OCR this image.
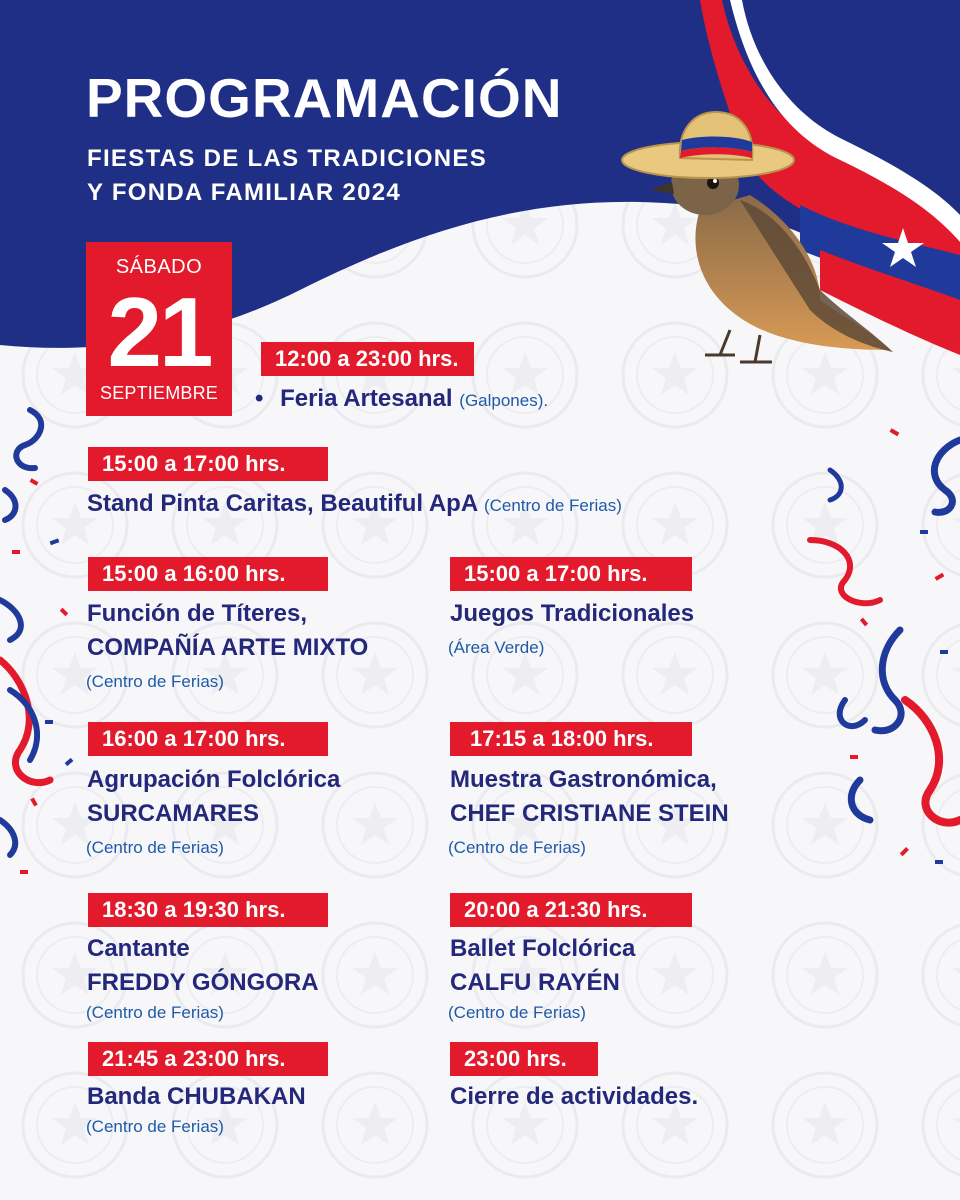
PROGRAMACIÓN
FIESTAS DE LAS TRADICIONES
Y FONDA FAMILIAR 2024
SÁBADO
21
SEPTIEMBRE
12:00 a 23:00 hrs.
• Feria Artesanal (Galpones).
15:00 a 17:00 hrs.
Stand Pinta Caritas, Beautiful ApA (Centro de Ferias)
15:00 a 16:00 hrs.
Función de Títeres,
COMPAÑÍA ARTE MIXTO
(Centro de Ferias)
15:00 a 17:00 hrs.
Juegos Tradicionales
(Área Verde)
16:00 a 17:00 hrs.
Agrupación Folclórica
SURCAMARES
(Centro de Ferias)
17:15 a 18:00 hrs.
Muestra Gastronómica,
CHEF CRISTIANE STEIN
(Centro de Ferias)
18:30 a 19:30 hrs.
Cantante
FREDDY GÓNGORA
(Centro de Ferias)
20:00 a 21:30 hrs.
Ballet Folclórica
CALFU RAYÉN
(Centro de Ferias)
21:45 a 23:00 hrs.
Banda CHUBAKAN
(Centro de Ferias)
23:00 hrs.
Cierre de actividades.
